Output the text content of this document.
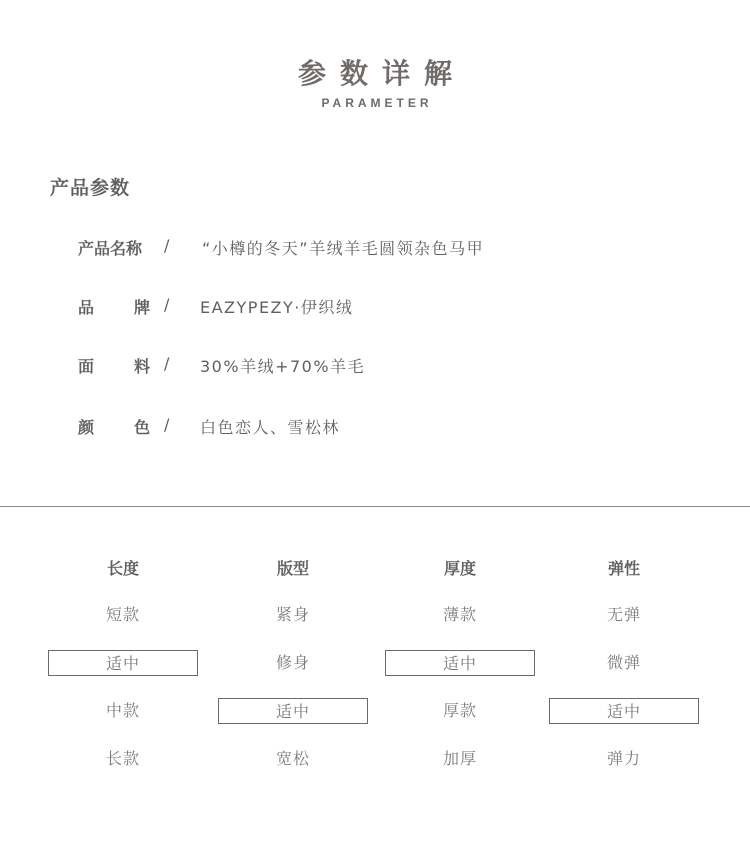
参数详解
PARAMETER
产品参数
产品名称 / “小樽的冬天”羊绒羊毛圆领杂色马甲
品 牌 / EAZYPEZY·伊织绒
面 料 / 30%羊绒+70%羊毛
颜 色 / 白色恋人、雪松林
长度
短款
适中
中款
长款
版型
紧身
修身
适中
宽松
厚度
薄款
适中
厚款
加厚
弹性
无弹
微弹
适中
弹力
